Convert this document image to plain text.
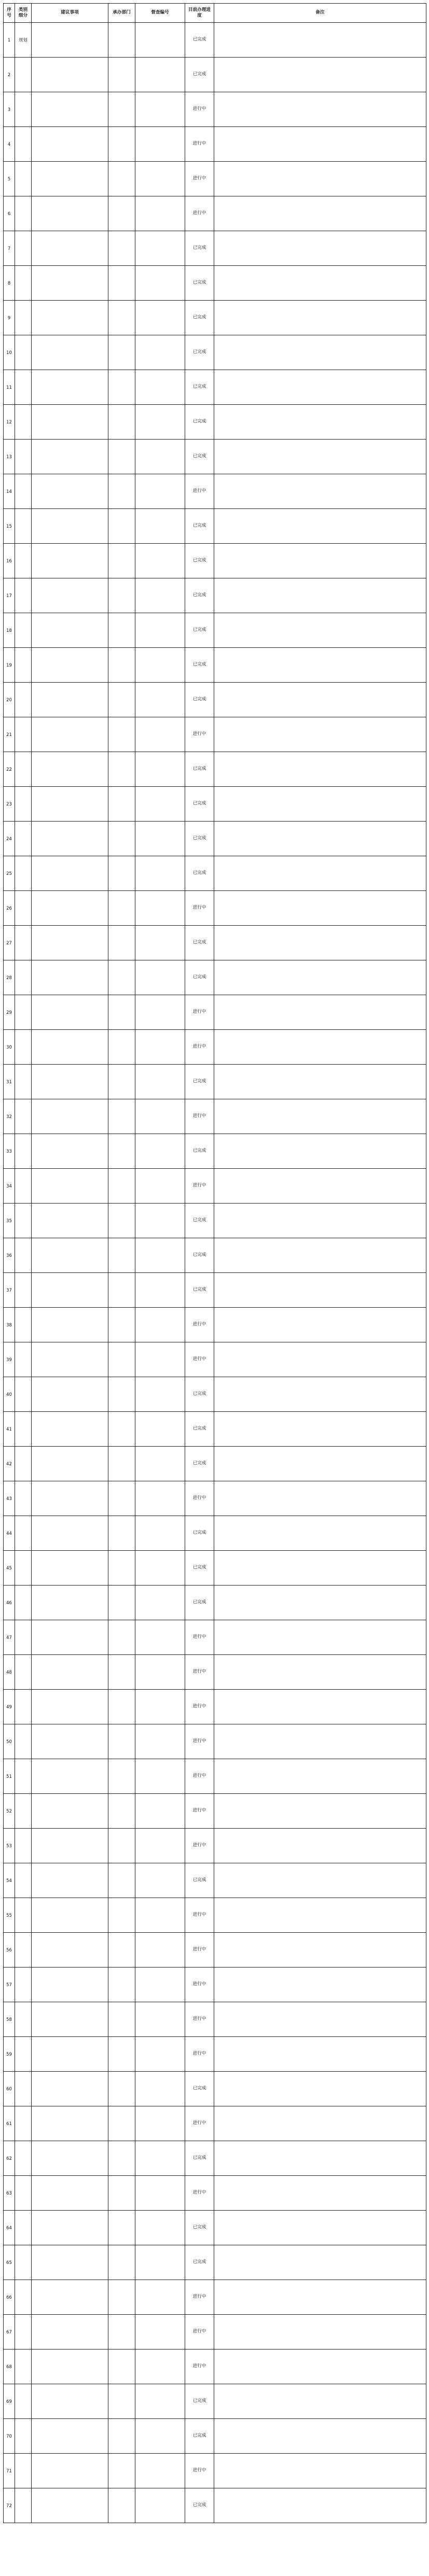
序号	类别细分	建议事项	承办部门	督查编号	目前办理进度	备注
1	规划				已完成	
2					已完成	
3					进行中	
4					进行中	
5					进行中	
6					进行中	
7					已完成	
8					已完成	
9					已完成	
10					已完成	
11					已完成	
12					已完成	
13					已完成	
14					进行中	
15					已完成	
16					已完成	
17					已完成	
18					已完成	
19					已完成	
20					已完成	
21					进行中	
22					已完成	
23					已完成	
24					已完成	
25					已完成	
26					进行中	
27					已完成	
28					已完成	
29					进行中	
30					进行中	
31					已完成	
32					进行中	
33					已完成	
34					进行中	
35					已完成	
36					已完成	
37					已完成	
38					进行中	
39					进行中	
40					已完成	
41					已完成	
42					已完成	
43					进行中	
44					已完成	
45					已完成	
46					已完成	
47					进行中	
48					进行中	
49					进行中	
50					进行中	
51					进行中	
52					进行中	
53					进行中	
54					已完成	
55					进行中	
56					进行中	
57					进行中	
58					进行中	
59					进行中	
60					已完成	
61					进行中	
62					已完成	
63					进行中	
64					已完成	
65					已完成	
66					进行中	
67					进行中	
68					进行中	
69					已完成	
70					已完成	
71					进行中	
72					已完成	
